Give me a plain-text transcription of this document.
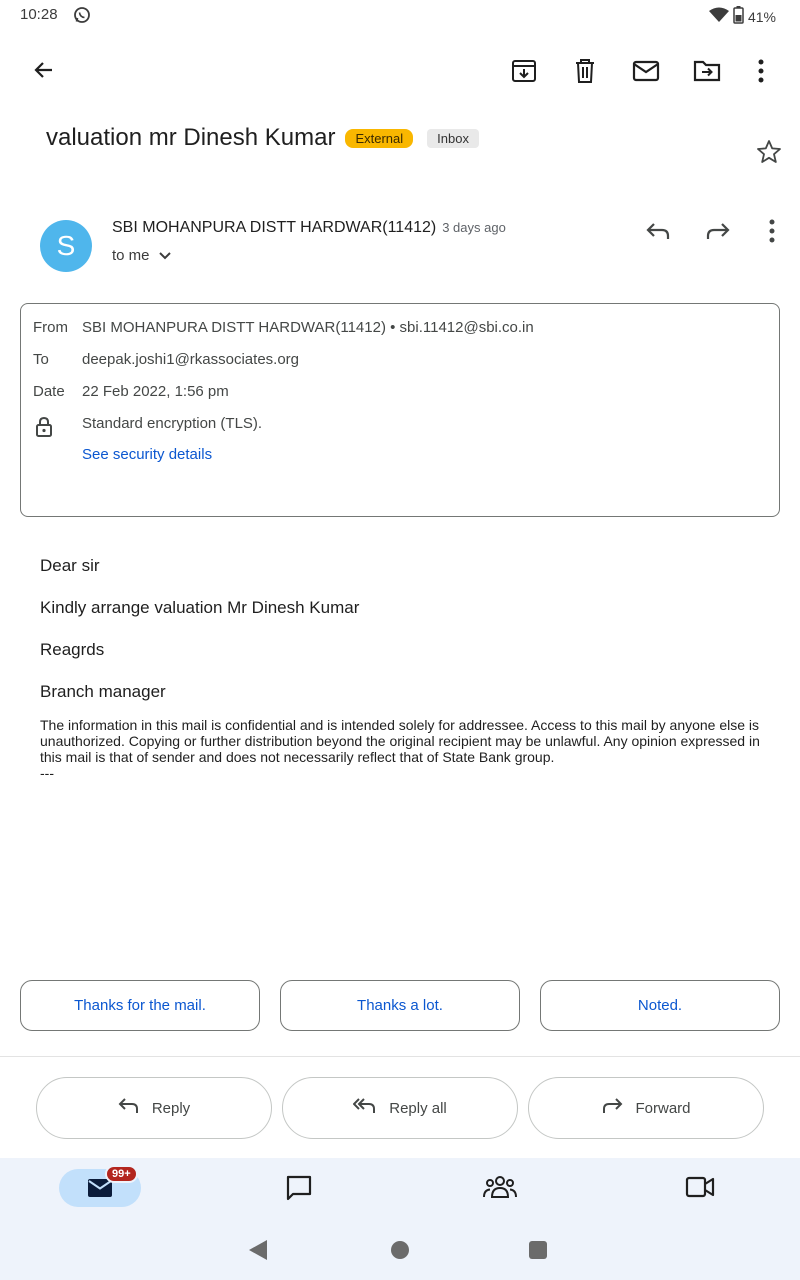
10:28	41%
valuation mr Dinesh Kumar	External	Inbox
S
SBI MOHANPURA DISTT HARDWAR(11412) 3 days ago
to me
From SBI MOHANPURA DISTT HARDWAR(11412) • sbi.11412@sbi.co.in
To deepak.joshi1@rkassociates.org
Date 22 Feb 2022, 1:56 pm
Standard encryption (TLS).
See security details
Dear sir
Kindly arrange valuation Mr Dinesh Kumar
Reagrds
Branch manager
The information in this mail is confidential and is intended solely for addressee. Access to this mail by anyone else is unauthorized. Copying or further distribution beyond the original recipient may be unlawful. Any opinion expressed in this mail is that of sender and does not necessarily reflect that of State Bank group.
---
Thanks for the mail.	Thanks a lot.	Noted.
Reply	Reply all	Forward
99+
